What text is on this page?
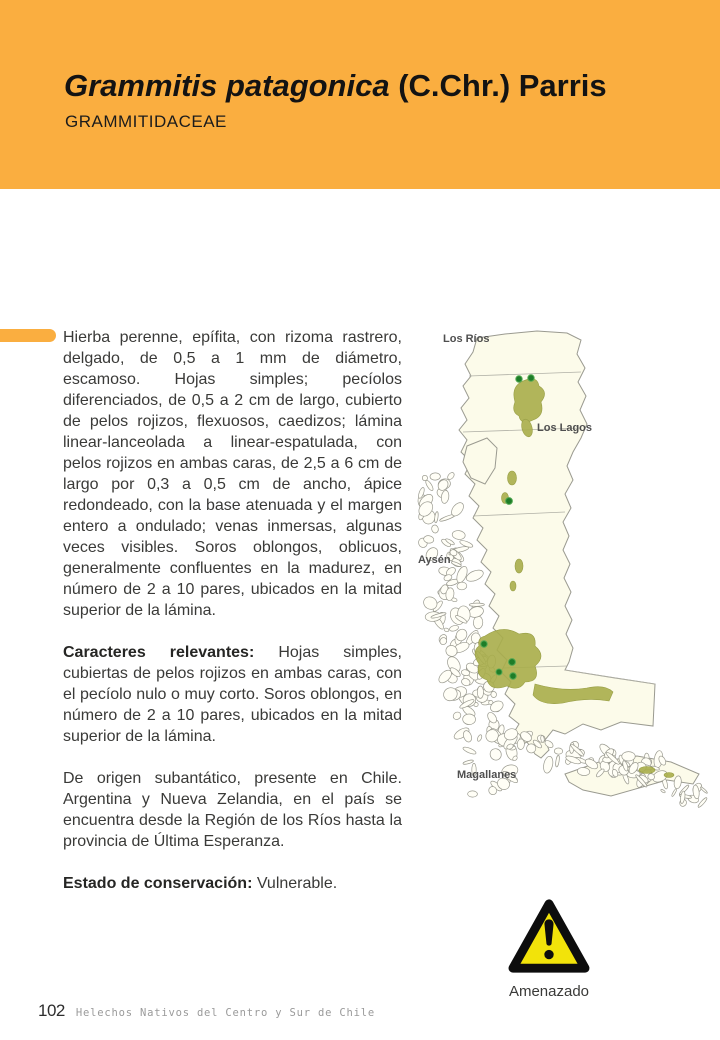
Grammitis patagonica (C.Chr.) Parris
GRAMMITIDACEAE

Hierba perenne, epífita, con rizoma rastrero, delgado, de 0,5 a 1 mm de diámetro, escamoso. Hojas simples; pecíolos diferenciados, de 0,5 a 2 cm de largo, cubierto de pelos rojizos, flexuosos, caedizos; lámina linear-lanceolada a linear-espatulada, con pelos rojizos en ambas caras, de 2,5 a 6 cm de largo por 0,3 a 0,5 cm de ancho, ápice redondeado, con la base atenuada y el margen entero a ondulado; venas inmersas, algunas veces visibles. Soros oblongos, oblicuos, generalmente confluentes en la madurez, en número de 2 a 10 pares, ubicados en la mitad superior de la lámina.

Caracteres relevantes: Hojas simples, cubiertas de pelos rojizos en ambas caras, con el pecíolo nulo o muy corto. Soros oblongos, en número de 2 a 10 pares, ubicados en la mitad superior de la lámina.

De origen subantático, presente en Chile. Argentina y Nueva Zelandia, en el país se encuentra desde la Región de los Ríos hasta la provincia de Última Esperanza.

Estado de conservación: Vulnerable.

Los Ríos
Los Lagos
Aysén
Magallanes
Amenazado
102 Helechos Nativos del Centro y Sur de Chile
